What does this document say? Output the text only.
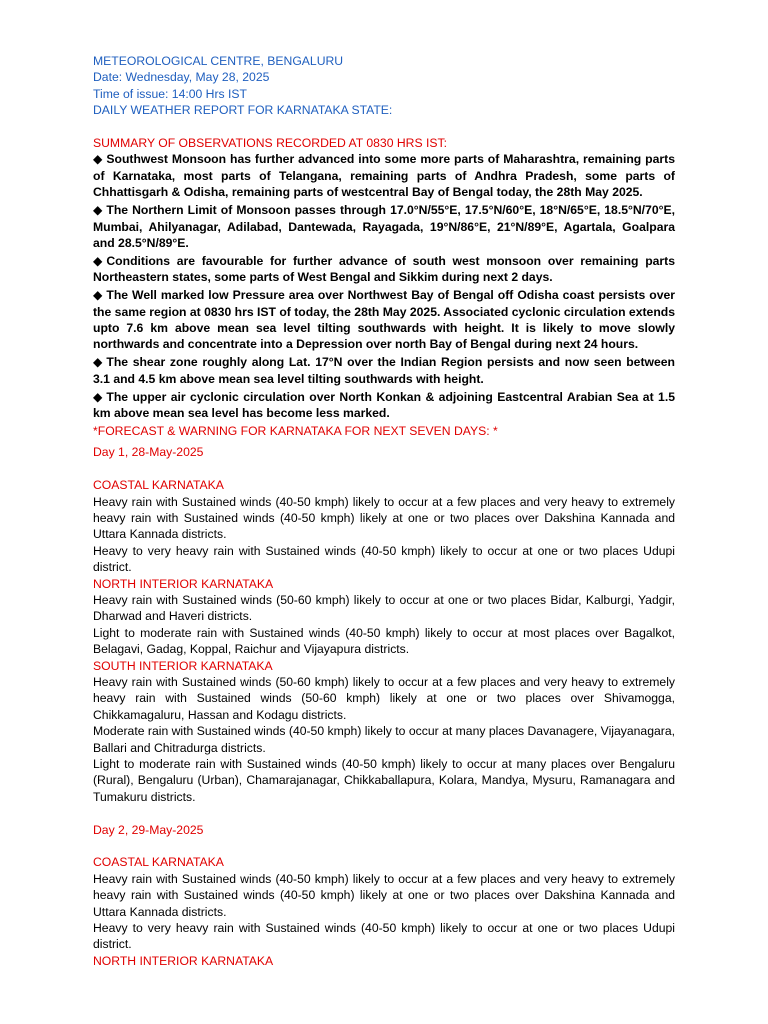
METEOROLOGICAL CENTRE, BENGALURU

Date: Wednesday, May 28, 2025

Time of issue: 14:00 Hrs IST

DAILY WEATHER REPORT FOR KARNATAKA STATE:

SUMMARY OF OBSERVATIONS RECORDED AT 0830 HRS IST:

◆ Southwest Monsoon has further advanced into some more parts of Maharashtra, remaining parts of Karnataka, most parts of Telangana, remaining parts of Andhra Pradesh, some parts of Chhattisgarh & Odisha, remaining parts of westcentral Bay of Bengal today, the 28th May 2025.

◆ The Northern Limit of Monsoon passes through 17.0°N/55°E, 17.5°N/60°E, 18°N/65°E, 18.5°N/70°E, Mumbai, Ahilyanagar, Adilabad, Dantewada, Rayagada, 19°N/86°E, 21°N/89°E, Agartala, Goalpara and 28.5°N/89°E.

◆ Conditions are favourable for further advance of south west monsoon over remaining parts Northeastern states, some parts of West Bengal and Sikkim during next 2 days.

◆ The Well marked low Pressure area over Northwest Bay of Bengal off Odisha coast persists over the same region at 0830 hrs IST of today, the 28th May 2025. Associated cyclonic circulation extends upto 7.6 km above mean sea level tilting southwards with height. It is likely to move slowly northwards and concentrate into a Depression over north Bay of Bengal during next 24 hours.

◆ The shear zone roughly along Lat. 17°N over the Indian Region persists and now seen between 3.1 and 4.5 km above mean sea level tilting southwards with height.

◆ The upper air cyclonic circulation over North Konkan & adjoining Eastcentral Arabian Sea at 1.5 km above mean sea level has become less marked.

*FORECAST & WARNING FOR KARNATAKA FOR NEXT SEVEN DAYS: *

Day 1, 28-May-2025

COASTAL KARNATAKA

Heavy rain with Sustained winds (40-50 kmph) likely to occur at a few places and very heavy to extremely heavy rain with Sustained winds (40-50 kmph) likely at one or two places over Dakshina Kannada and Uttara Kannada districts.

Heavy to very heavy rain with Sustained winds (40-50 kmph) likely to occur at one or two places Udupi district.

NORTH INTERIOR KARNATAKA

Heavy rain with Sustained winds (50-60 kmph) likely to occur at one or two places Bidar, Kalburgi, Yadgir, Dharwad and Haveri districts.

Light to moderate rain with Sustained winds (40-50 kmph) likely to occur at most places over Bagalkot, Belagavi, Gadag, Koppal, Raichur and Vijayapura districts.

SOUTH INTERIOR KARNATAKA

Heavy rain with Sustained winds (50-60 kmph) likely to occur at a few places and very heavy to extremely heavy rain with Sustained winds (50-60 kmph) likely at one or two places over Shivamogga, Chikkamagaluru, Hassan and Kodagu districts.

Moderate rain with Sustained winds (40-50 kmph) likely to occur at many places Davanagere, Vijayanagara, Ballari and Chitradurga districts.

Light to moderate rain with Sustained winds (40-50 kmph) likely to occur at many places over Bengaluru (Rural), Bengaluru (Urban), Chamarajanagar, Chikkaballapura, Kolara, Mandya, Mysuru, Ramanagara and Tumakuru districts.

Day 2, 29-May-2025

COASTAL KARNATAKA

Heavy rain with Sustained winds (40-50 kmph) likely to occur at a few places and very heavy to extremely heavy rain with Sustained winds (40-50 kmph) likely at one or two places over Dakshina Kannada and Uttara Kannada districts.

Heavy to very heavy rain with Sustained winds (40-50 kmph) likely to occur at one or two places Udupi district.

NORTH INTERIOR KARNATAKA
